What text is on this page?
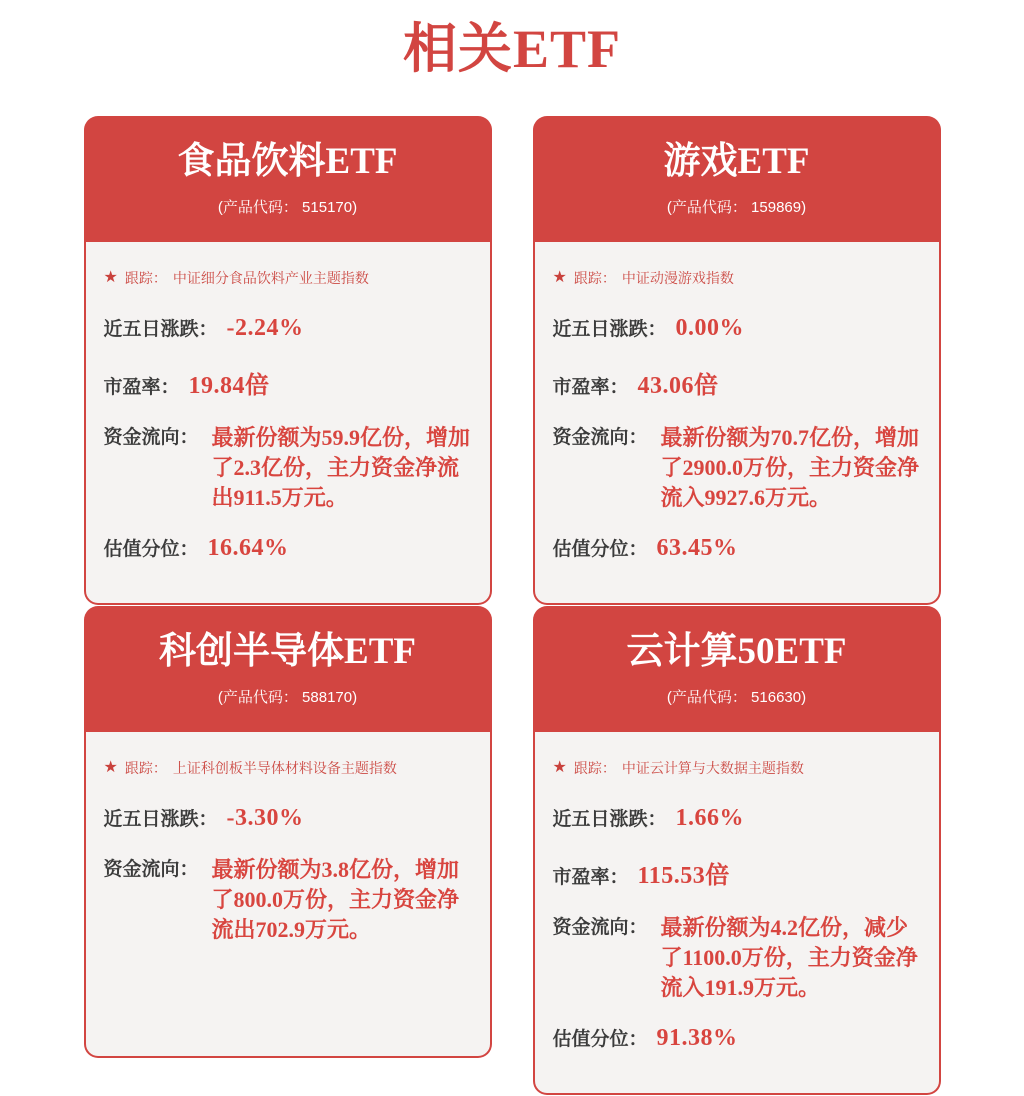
相关ETF
食品饮料ETF
(产品代码： 515170)
★ 跟踪： 中证细分食品饮料产业主题指数
近五日涨跌： -2.24%
市盈率： 19.84倍
资金流向： 最新份额为59.9亿份，增加了2.3亿份，主力资金净流出911.5万元。
估值分位： 16.64%
游戏ETF
(产品代码： 159869)
★ 跟踪： 中证动漫游戏指数
近五日涨跌： 0.00%
市盈率： 43.06倍
资金流向： 最新份额为70.7亿份，增加了2900.0万份，主力资金净流入9927.6万元。
估值分位： 63.45%
科创半导体ETF
(产品代码： 588170)
★ 跟踪： 上证科创板半导体材料设备主题指数
近五日涨跌： -3.30%
资金流向： 最新份额为3.8亿份，增加了800.0万份，主力资金净流出702.9万元。
云计算50ETF
(产品代码： 516630)
★ 跟踪： 中证云计算与大数据主题指数
近五日涨跌： 1.66%
市盈率： 115.53倍
资金流向： 最新份额为4.2亿份，减少了1100.0万份，主力资金净流入191.9万元。
估值分位： 91.38%
